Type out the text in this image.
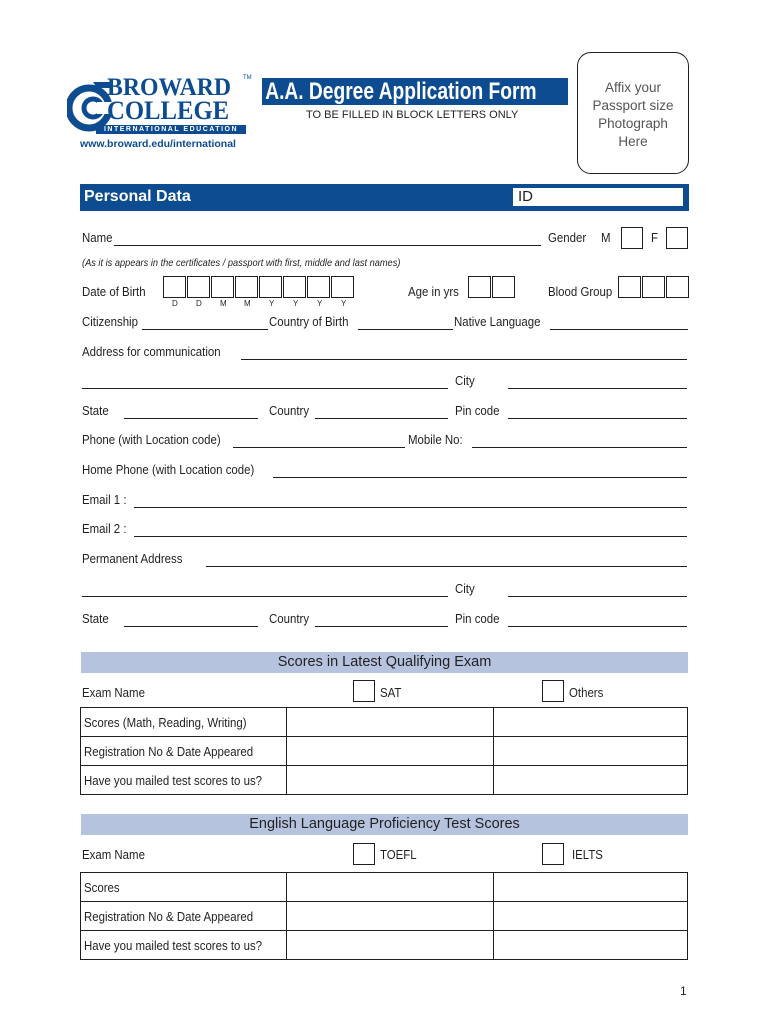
BROWARD TM
COLLEGE
INTERNATIONAL EDUCATION
www.broward.edu/international
A.A. Degree Application Form
TO BE FILLED IN BLOCK LETTERS ONLY
Affix your
Passport size
Photograph
Here
Personal Data	ID
Name	Gender M	F
(As it is appears in the certificates / passport with first, middle and last names)
Date of Birth
D D M M Y Y Y Y
Age in yrs	Blood Group
Citizenship	Country of Birth	Native Language
Address for communication
City
State	Country	Pin code
Phone (with Location code)	Mobile No:
Home Phone (with Location code)
Email 1 :
Email 2 :
Permanent Address
City
State	Country	Pin code
Scores in Latest Qualifying Exam
Exam Name	SAT	Others
Scores (Math, Reading, Writing)		
Registration No & Date Appeared		
Have you mailed test scores to us?		
English Language Proficiency Test Scores
Exam Name	TOEFL	IELTS
Scores		
Registration No & Date Appeared		
Have you mailed test scores to us?		
1
